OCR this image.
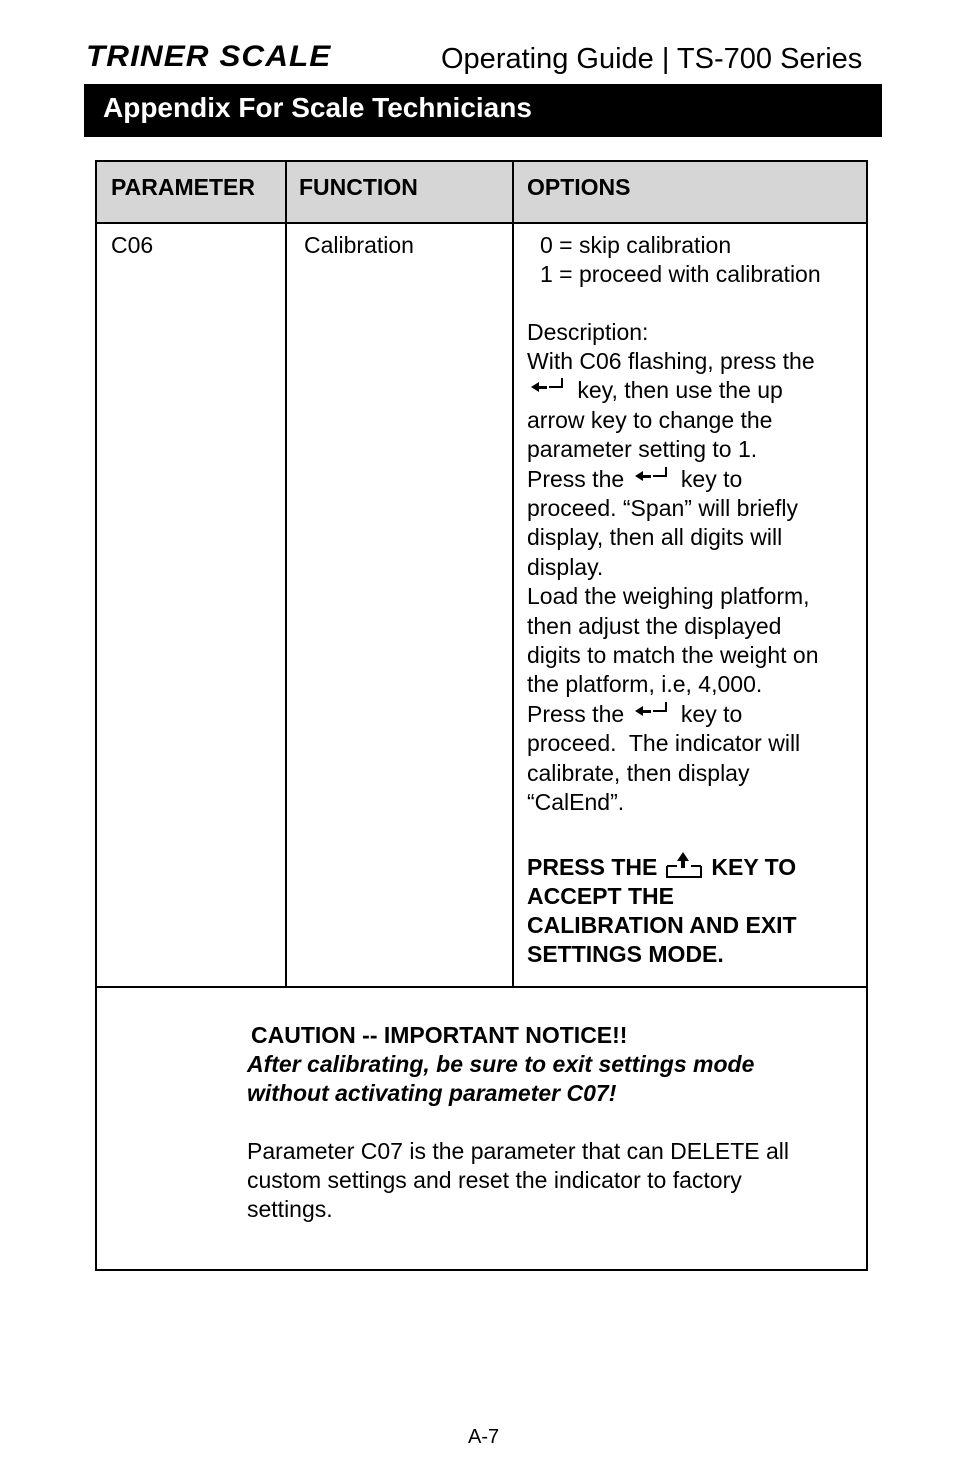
TRINER SCALE	Operating Guide | TS-700 Series
Appendix For Scale Technicians
PARAMETER FUNCTION	OPTIONS
C06	Calibration	0 = skip calibration
1 = proceed with calibration
Description:
With C06 flashing, press the

key, then use the up
arrow key to change the
parameter setting to 1.
Press the
key to
proceed. “Span” will briefly
display, then all digits will
display.
Load the weighing platform,
then adjust the displayed
digits to match the weight on
the platform, i.e, 4,000.
Press the
key to
proceed.  The indicator will
calibrate, then display
“CalEnd”.
PRESS THE KEY TO
ACCEPT THE
CALIBRATION AND EXIT
SETTINGS MODE.
CAUTION -- IMPORTANT NOTICE!!
After calibrating, be sure to exit settings mode
without activating parameter C07!
Parameter C07 is the parameter that can DELETE all
custom settings and reset the indicator to factory
settings.
A-7
